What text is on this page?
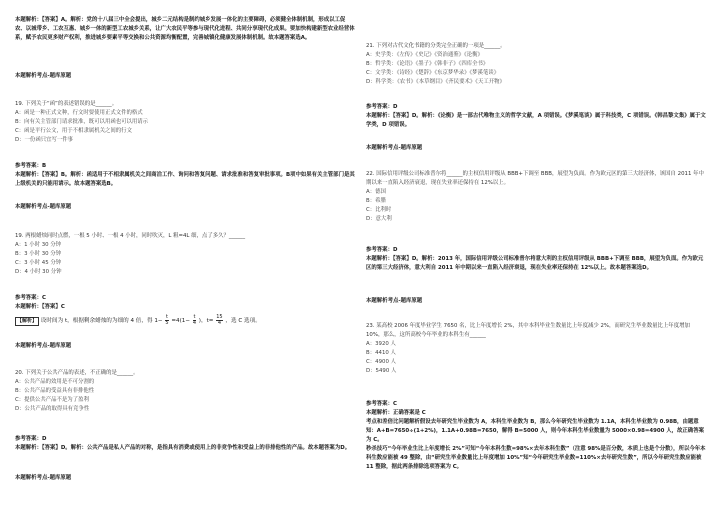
本题解析：【答案】A。解析：党的十八届三中全会提出，城乡二元结构是制约城乡发展一体化的主要障碍，必须健全体制机制，形成以工促农、以城带乡、工农互惠、城乡一体的新型工农城乡关系，让广大农民平等参与现代化进程、共同分享现代化成果。要加快构建新型农业经营体系，赋予农民更多财产权利，推进城乡要素平等交换和公共资源均衡配置，完善城镇化健康发展体制机制。故本题答案选A。

本题解析考点-题库原题

19. 下列关于“函”的表述错误的是______。

A：函是一种正式文种，行文时要使用正式文件的格式

B：向有关主管部门请求批准，既可以用函也可以用请示

C：函是平行公文，用于不相隶属机关之间的行文

D：一份函只宜写一件事

参考答案：B

本题解析：【答案】B。解析：函适用于不相隶属机关之间商洽工作、询问和答复问题、请求批准和答复审批事项。B项中如果有关主管部门是其上级机关的只能用请示。故本题答案选B。

本题解析考点-题库原题

19. 两根蜡烛同时点燃，一根 5 小时、一根 4 小时，同时吹灭，L 粗=4L 细，点了多久？______

A：1 小时 30 分钟

B：3 小时 30 分钟

C：3 小时 45 分钟

D：4 小时 30 分钟

参考答案：C

本题解析：【答案】C

【解析】 设时间为 t，根据剩余蜡烛的为细的 4 倍，得 $1- \frac{t}{5} =4(1- \frac{t}{4}$ )，$t= \frac{15}{4}$ ，选 C 选项。

本题解析考点-题库原题

20. 下列关于公共产品的表述，不正确的是______。

A：公共产品的效用是不可分割的

B：公共产品的受益具有非排他性

C：提供公共产品不是为了盈利

D：公共产品的取得具有竞争性

参考答案：D

本题解析：【答案】D。解析：公共产品是私人产品的对称，是指具有消费或使用上的非竞争性和受益上的非排他性的产品。故本题答案为D。

本题解析考点-题库原题

21. 下列对古代文化书籍的分类完全正确的一项是______。

A：史学类：《左传》《史记》《资治通鉴》《论衡》

B：哲学类：《论语》《墨子》《韩非子》《四库全书》

C：文学类：《诗经》《楚辞》《东京梦华录》《梦溪笔谈》

D：科学类：《农书》《本草纲目》《齐民要术》《天工开物》

参考答案：D

本题解析：【答案】D。解析：《论衡》是一部古代唯物主义的哲学文献，A 项错误。《梦溪笔谈》属于科技类，C 项错误。《韩昌黎文集》属于文学类，D 项错误。

本题解析考点-题库原题

22. 国际信用评级公司标准普尔将______的主权信用评级从 BBB+下调至 BBB，展望为负面。作为欧元区的第三大经济体，该国自 2011 年中期以来一直陷入经济衰退，现在失业率还保持在 12%以上。

A：德国

B：希腊

C：比利时

D：意大利

参考答案：D

本题解析：【答案】D。解析：2013 年，国际信用评级公司标准普尔将意大利的主权信用评级从 BBB+下调至 BBB，展望为负面。作为欧元区的第三大经济体，意大利自 2011 年中期以来一直陷入经济衰退，现在失业率还保持在 12%以上。故本题答案选D。

本题解析考点-题库原题

23. 某高校 2006 年度毕业学生 7650 名，比上年度增长 2%，其中本科毕业生数量比上年度减少 2%，而研究生毕业数量比上年度增加 10%，那么，这所高校今年毕业的本科生有______

A：3920 人

B：4410 人

C：4900 人

D：5490 人

参考答案：C

本题解析：正确答案是 C
考点和差倍比问题解析假设去年研究生毕业数为 A，本科生毕业数为 B，那么今年研究生毕业数为 1.1A，本科生毕业数为 0.98B，由题意知：A+B=7650÷(1+2%)，1.1A+0.98B=7650，解得 B=5000 人，则今年本科生毕业数量为 5000×0.98=4900 人，故正确答案为 C。
秒杀技巧“今年毕业生比上年度增长 2%”可知“今年本科生数=98%×去年本科生数”（注意 98%是百分数，本质上也是个分数），所以今年本科生数应能被 49 整除，由“研究生毕业数量比上年度增加 10%”知“今年研究生毕业数=110%×去年研究生数”，所以今年研究生数应能被 11 整除，据此两条排除选项答案为 C。
